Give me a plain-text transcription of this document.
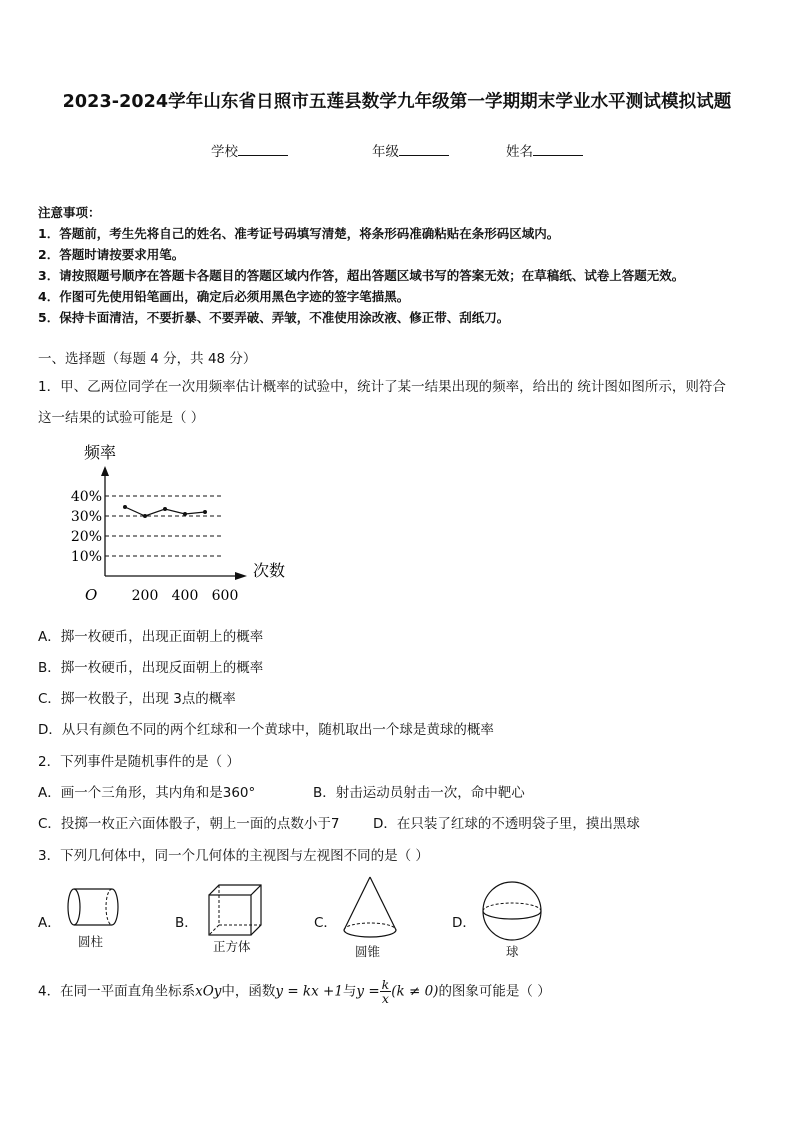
2023-2024学年山东省日照市五莲县数学九年级第一学期期末学业水平测试模拟试题
学校	年级	姓名
注意事项：
1．答题前，考生先将自己的姓名、准考证号码填写清楚，将条形码准确粘贴在条形码区域内。
2．答题时请按要求用笔。
3．请按照题号顺序在答题卡各题目的答题区域内作答，超出答题区域书写的答案无效；在草稿纸、试卷上答题无效。
4．作图可先使用铅笔画出，确定后必须用黑色字迹的签字笔描黑。
5．保持卡面清洁，不要折暴、不要弄破、弄皱，不准使用涂改液、修正带、刮纸刀。
一、选择题（每题 4 分，共 48 分）
1．甲、乙两位同学在一次用频率估计概率的试验中，统计了某一结果出现的频率，给出的 统计图如图所示，则符合
这一结果的试验可能是（ ）
频率
次数
O
40%
30%
20%
10%
200 400 600
A．掷一枚硬币，出现正面朝上的概率
B．掷一枚硬币，出现反面朝上的概率
C．掷一枚骰子，出现 3点的概率
D．从只有颜色不同的两个红球和一个黄球中，随机取出一个球是黄球的概率
2．下列事件是随机事件的是（ ）
A．画一个三角形，其内角和是360°	B．射击运动员射击一次，命中靶心
C．投掷一枚正六面体骰子，朝上一面的点数小于7 D．在只装了红球的不透明袋子里，摸出黑球
3．下列几何体中，同一个几何体的主视图与左视图不同的是（ ）
A．
圆柱
B．
正方体
C．
圆锥
D．
球
4．在同一平面直角坐标系xOy中，函数y = kx +1与$y = \frac{k}{x} (k \ne 0)$的图象可能是（ ）
